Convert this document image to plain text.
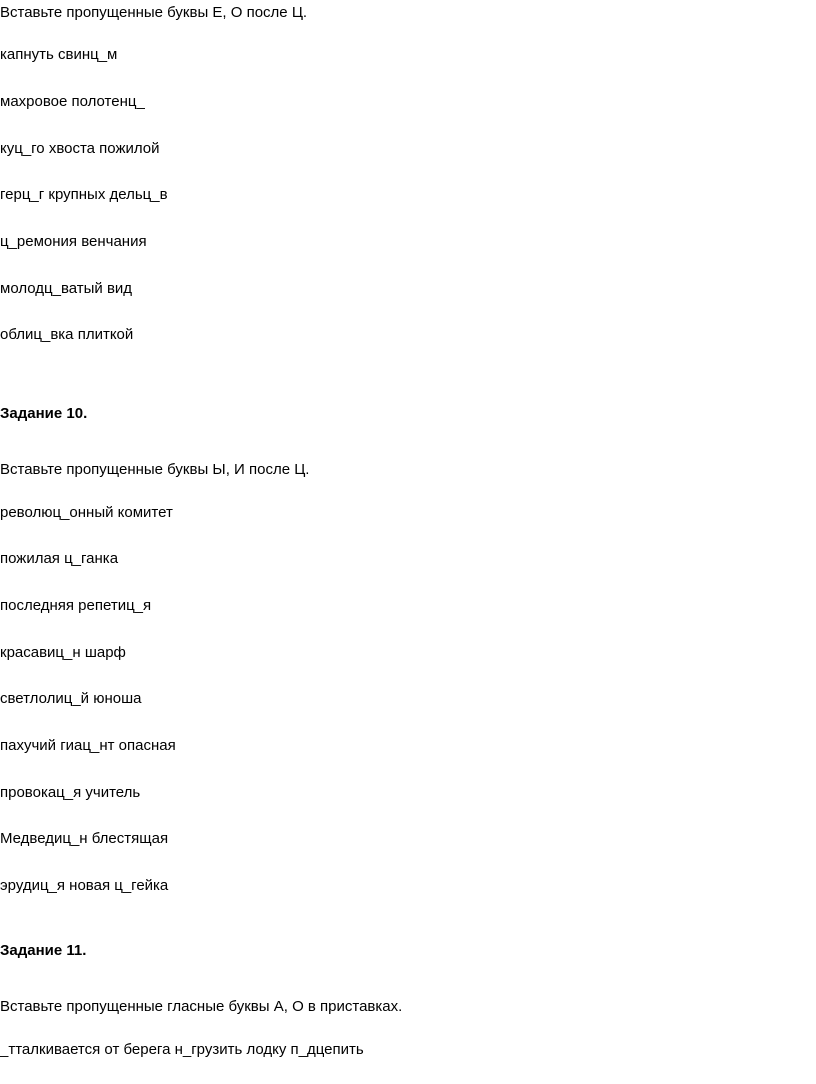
Вставьте пропущенные буквы Е, О после Ц.

капнуть свинц_м

махровое полотенц_

куц_го хвоста пожилой

герц_г крупных дельц_в

ц_ремония венчания

молодц_ватый вид

облиц_вка плиткой

Задание 10.

Вставьте пропущенные буквы Ы, И после Ц.

революц_онный комитет

пожилая ц_ганка

последняя репетиц_я

красавиц_н шарф

светлолиц_й юноша

пахучий гиац_нт опасная

провокац_я учитель

Медведиц_н блестящая

эрудиц_я новая ц_гейка

Задание 11.

Вставьте пропущенные гласные буквы А, О в приставках.

_тталкивается от берега н_грузить лодку п_дцепить
